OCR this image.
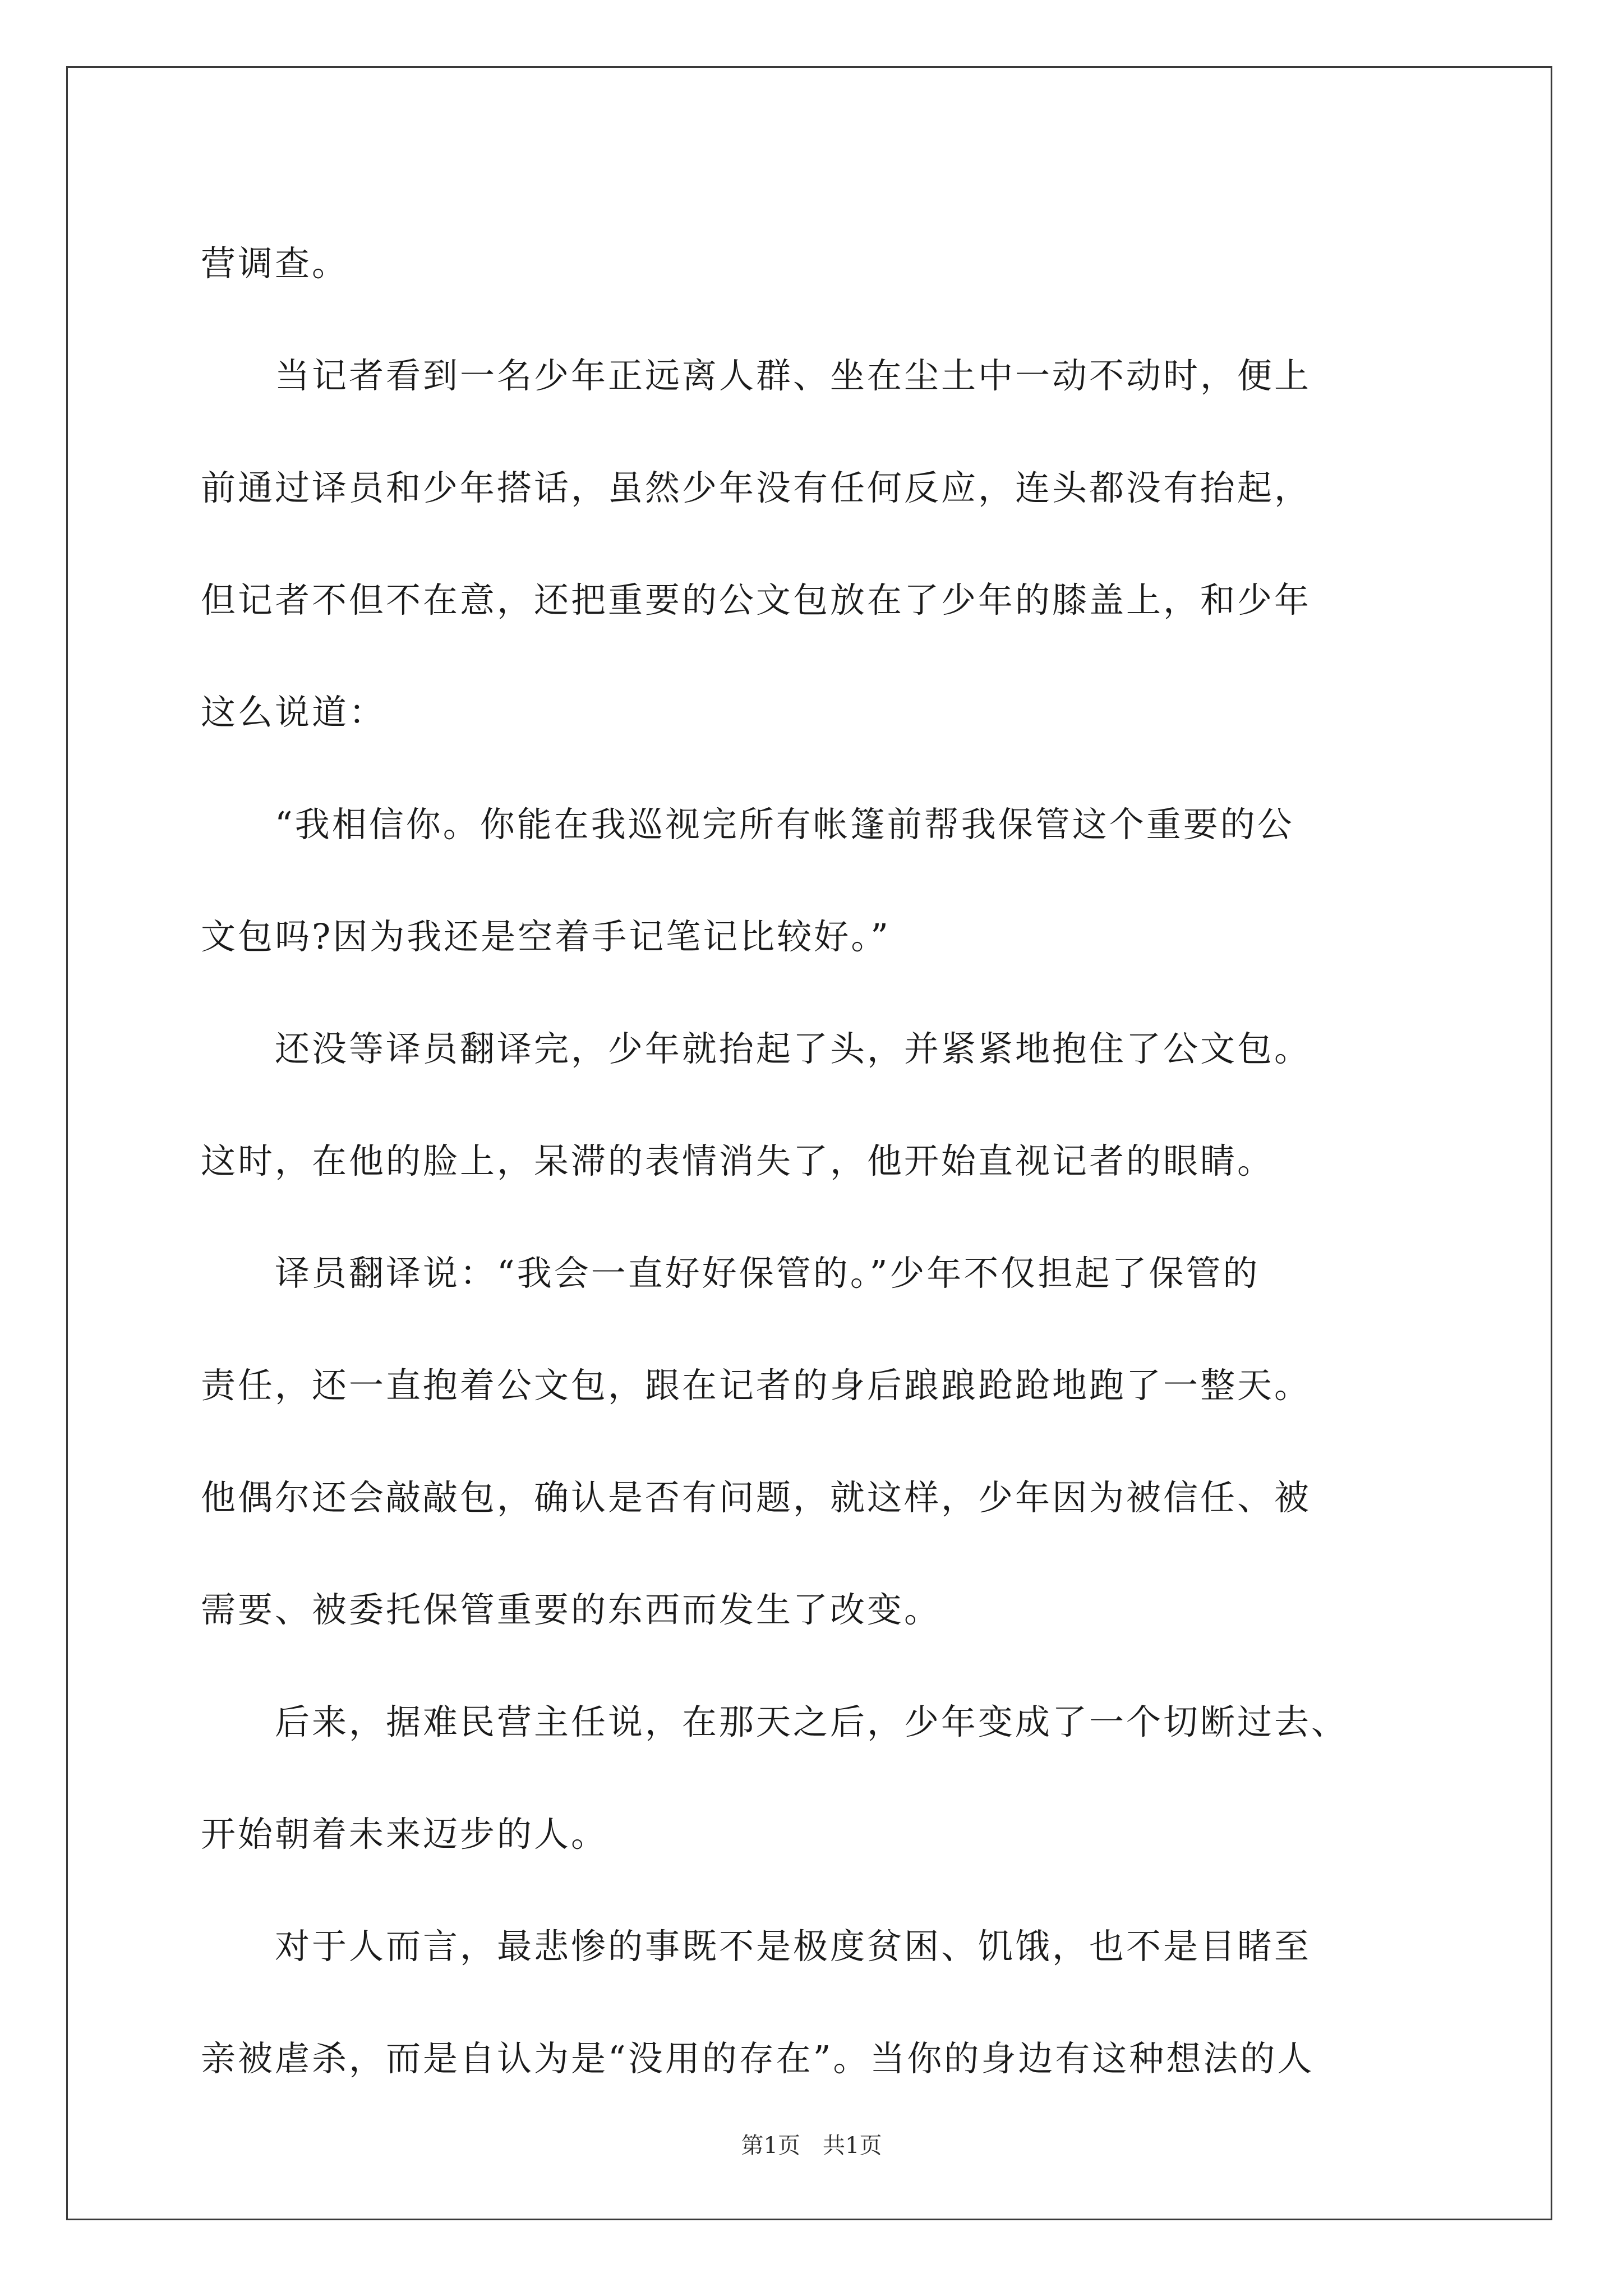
营调查。
　　当记者看到一名少年正远离人群、坐在尘土中一动不动时，便上
前通过译员和少年搭话，虽然少年没有任何反应，连头都没有抬起，
但记者不但不在意，还把重要的公文包放在了少年的膝盖上，和少年
这么说道：
　　“我相信你。你能在我巡视完所有帐篷前帮我保管这个重要的公
文包吗?因为我还是空着手记笔记比较好。”
　　还没等译员翻译完，少年就抬起了头，并紧紧地抱住了公文包。
这时，在他的脸上，呆滞的表情消失了，他开始直视记者的眼睛。
　　译员翻译说：“我会一直好好保管的。”少年不仅担起了保管的
责任，还一直抱着公文包，跟在记者的身后踉踉跄跄地跑了一整天。
他偶尔还会敲敲包，确认是否有问题，就这样，少年因为被信任、被
需要、被委托保管重要的东西而发生了改变。
　　后来，据难民营主任说，在那天之后，少年变成了一个切断过去、
开始朝着未来迈步的人。
　　对于人而言，最悲惨的事既不是极度贫困、饥饿，也不是目睹至
亲被虐杀，而是自认为是“没用的存在”。当你的身边有这种想法的人
第1页　共1页
